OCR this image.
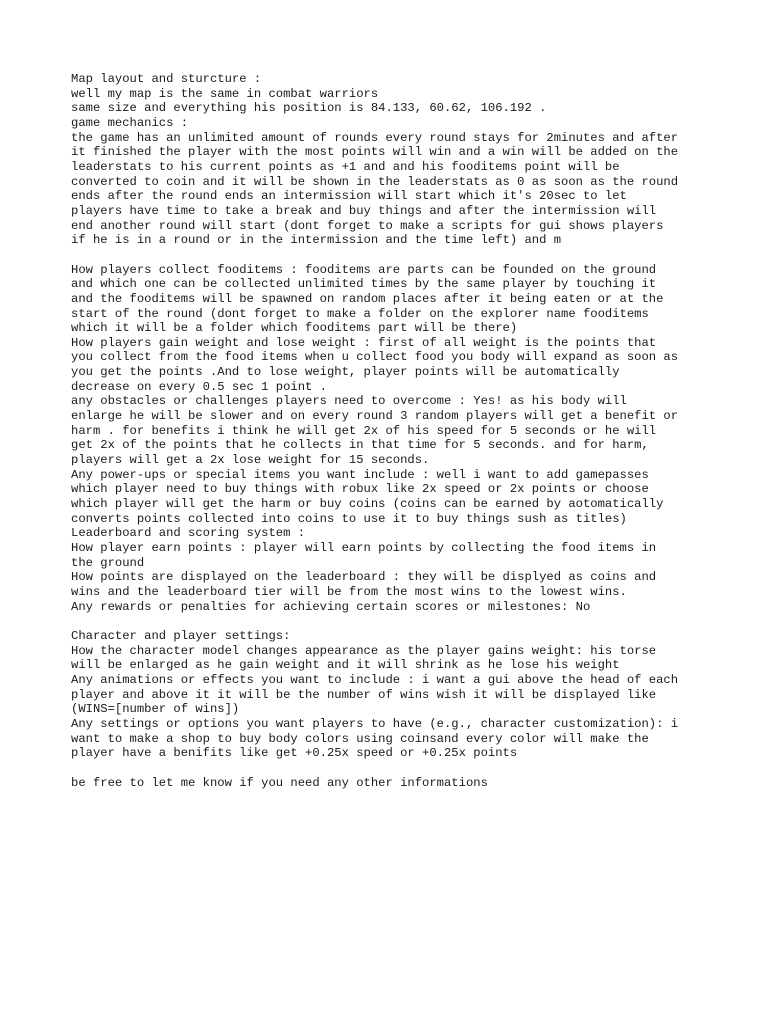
Map layout and sturcture :
well my map is the same in combat warriors
same size and everything his position is 84.133, 60.62, 106.192 .
game mechanics :
the game has an unlimited amount of rounds every round stays for 2minutes and after
it finished the player with the most points will win and a win will be added on the
leaderstats to his current points as +1 and and his fooditems point will be
converted to coin and it will be shown in the leaderstats as 0 as soon as the round
ends after the round ends an intermission will start which it's 20sec to let
players have time to take a break and buy things and after the intermission will
end another round will start (dont forget to make a scripts for gui shows players
if he is in a round or in the intermission and the time left) and m
How players collect fooditems : fooditems are parts can be founded on the ground
and which one can be collected unlimited times by the same player by touching it
and the fooditems will be spawned on random places after it being eaten or at the
start of the round (dont forget to make a folder on the explorer name fooditems
which it will be a folder which fooditems part will be there)
How players gain weight and lose weight : first of all weight is the points that
you collect from the food items when u collect food you body will expand as soon as
you get the points .And to lose weight, player points will be automatically
decrease on every 0.5 sec 1 point .
any obstacles or challenges players need to overcome : Yes! as his body will
enlarge he will be slower and on every round 3 random players will get a benefit or
harm . for benefits i think he will get 2x of his speed for 5 seconds or he will
get 2x of the points that he collects in that time for 5 seconds. and for harm,
players will get a 2x lose weight for 15 seconds.
Any power-ups or special items you want include : well i want to add gamepasses
which player need to buy things with robux like 2x speed or 2x points or choose
which player will get the harm or buy coins (coins can be earned by aotomatically
converts points collected into coins to use it to buy things sush as titles)
Leaderboard and scoring system :
How player earn points : player will earn points by collecting the food items in
the ground
How points are displayed on the leaderboard : they will be displyed as coins and
wins and the leaderboard tier will be from the most wins to the lowest wins.
Any rewards or penalties for achieving certain scores or milestones: No
Character and player settings:
How the character model changes appearance as the player gains weight: his torse
will be enlarged as he gain weight and it will shrink as he lose his weight
Any animations or effects you want to include : i want a gui above the head of each
player and above it it will be the number of wins wish it will be displayed like
(WINS=[number of wins])
Any settings or options you want players to have (e.g., character customization): i
want to make a shop to buy body colors using coinsand every color will make the
player have a benifits like get +0.25x speed or +0.25x points
be free to let me know if you need any other informations
